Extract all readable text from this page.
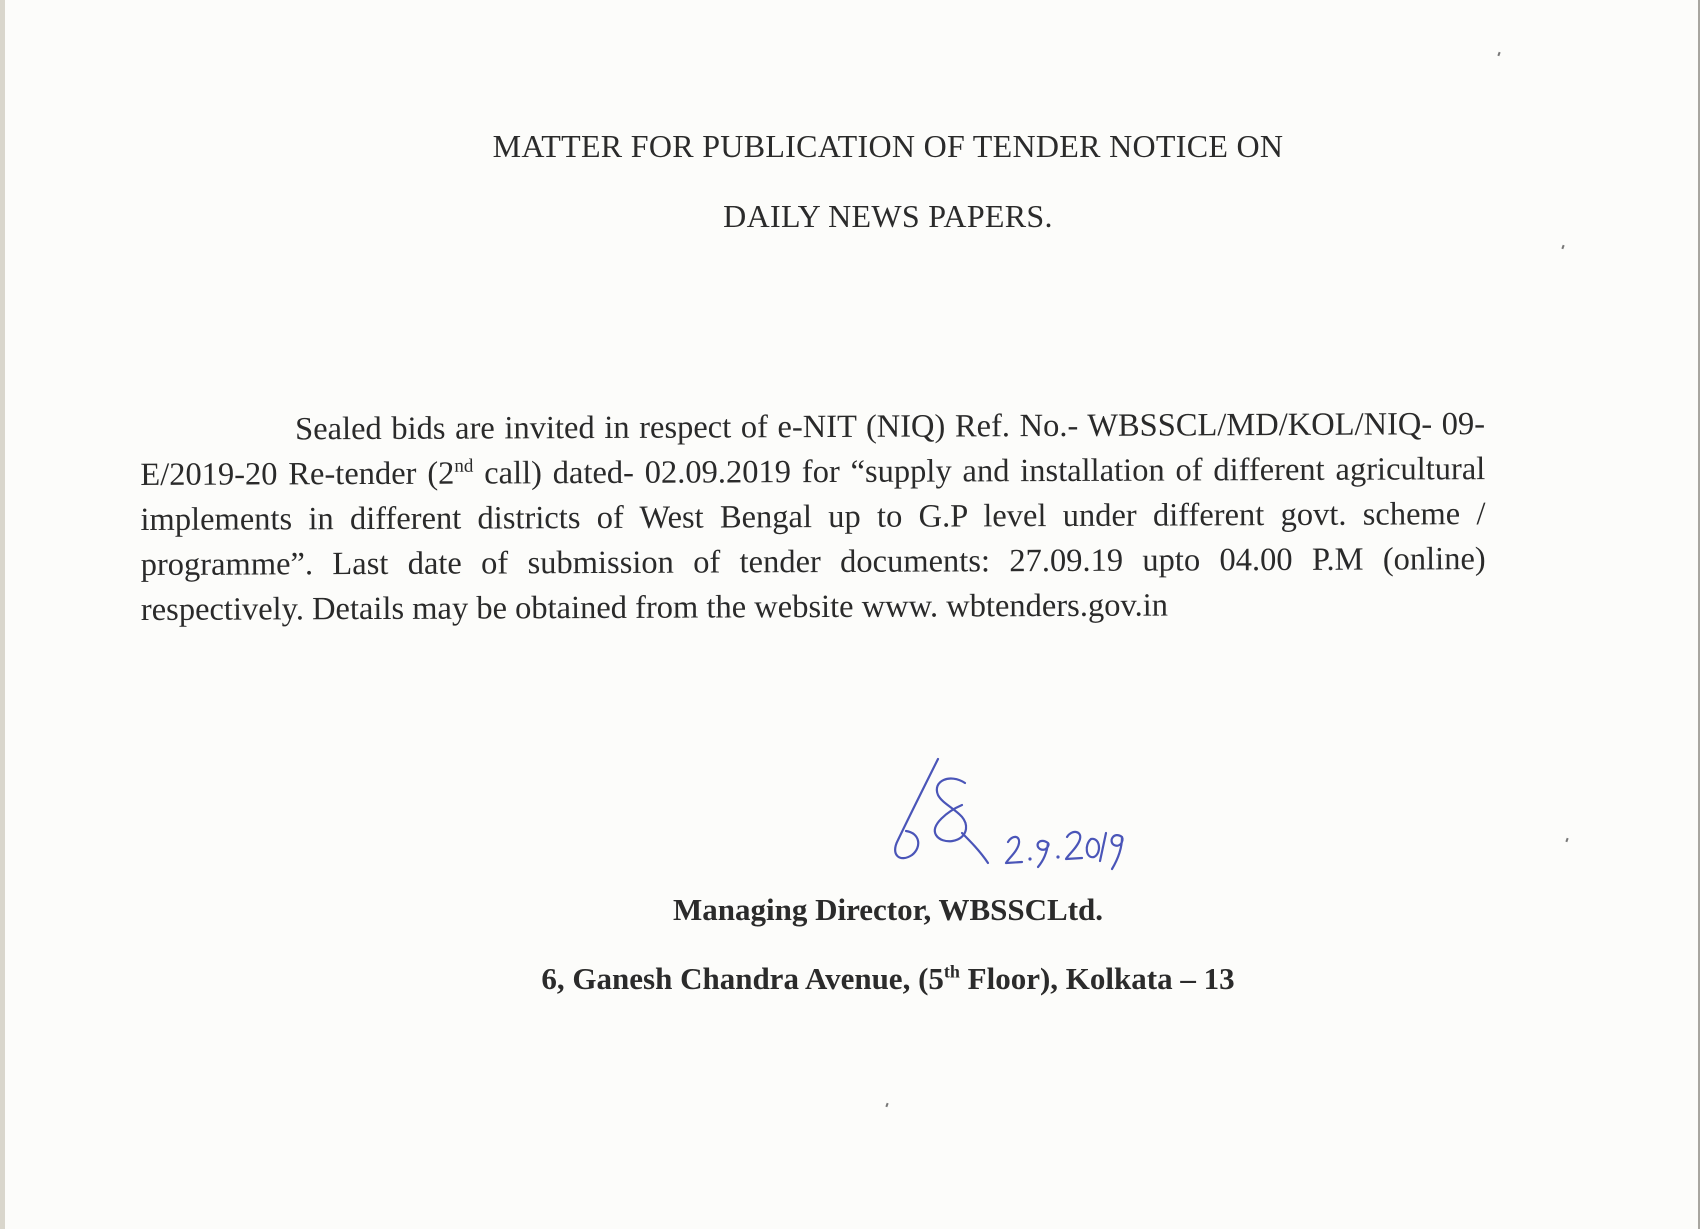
MATTER FOR PUBLICATION OF TENDER NOTICE ON
DAILY NEWS PAPERS.
Sealed bids are invited in respect of e-NIT (NIQ) Ref. No.- WBSSCL/MD/KOL/NIQ- 09-E/2019-20 Re-tender (2nd call) dated- 02.09.2019 for “supply and installation of different agricultural implements in different districts of West Bengal up to G.P level under different govt. scheme / programme”. Last date of submission of tender documents: 27.09.19 upto 04.00 P.M (online) respectively. Details may be obtained from the website www. wbtenders.gov.in
Managing Director, WBSSCLtd.
6, Ganesh Chandra Avenue, (5th Floor), Kolkata – 13
